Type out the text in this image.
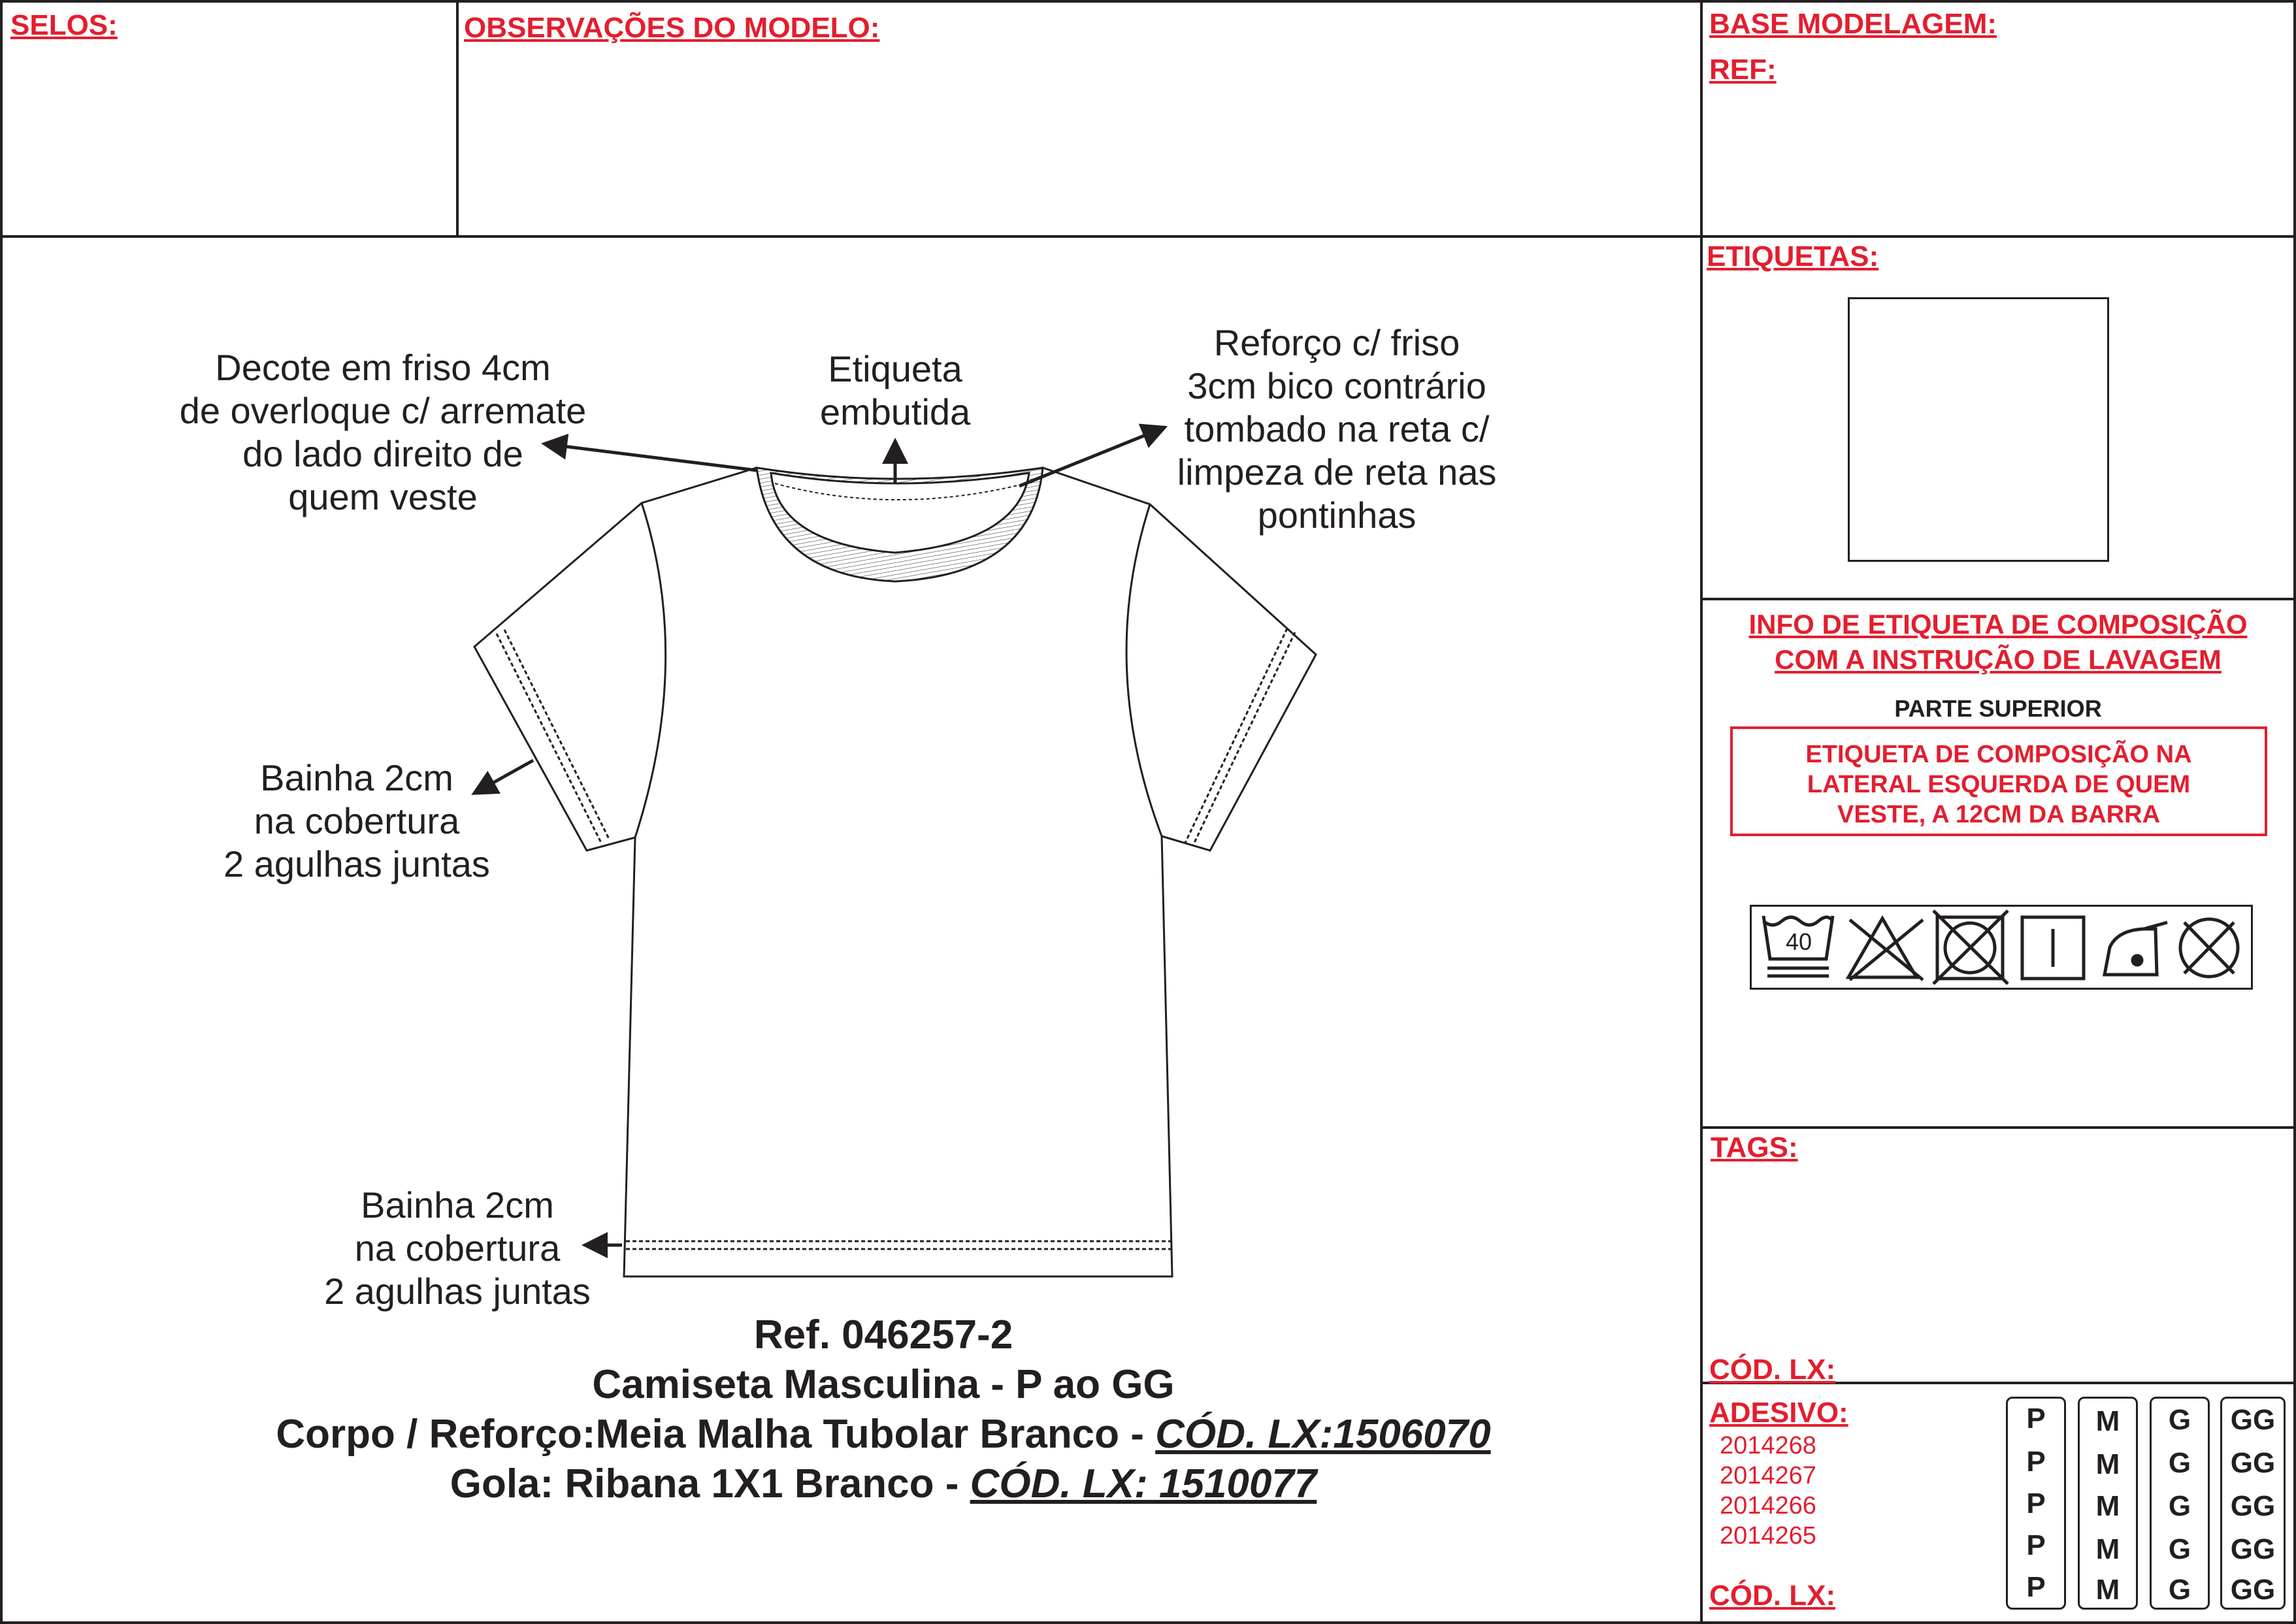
SELOS:	OBSERVAÇÕES DO MODELO:	BASE MODELAGEM:
REF:
ETIQUETAS:
INFO DE ETIQUETA DE COMPOSIÇÃO
COM A INSTRUÇÃO DE LAVAGEM
PARTE SUPERIOR
ETIQUETA DE COMPOSIÇÃO NA
LATERAL ESQUERDA DE QUEM
VESTE, A 12CM DA BARRA
40
TAGS:
CÓD. LX:
ADESIVO:
2014268
2014267
2014266
2014265
CÓD. LX:
P
P
P
P
P
M
M
M
M
M
G
G
G
G
G
GG
GG
GG
GG
GG
Decote em friso 4cm
de overloque c/ arremate
do lado direito de
quem veste
Etiqueta
embutida
Reforço c/ friso
3cm bico contrário
tombado na reta c/
limpeza de reta nas
pontinhas
Bainha 2cm
na cobertura
2 agulhas juntas
Bainha 2cm
na cobertura
2 agulhas juntas
Ref. 046257-2
Camiseta Masculina - P ao GG
Corpo / Reforço:Meia Malha Tubolar Branco - CÓD. LX:1506070
Gola: Ribana 1X1 Branco - CÓD. LX: 1510077
